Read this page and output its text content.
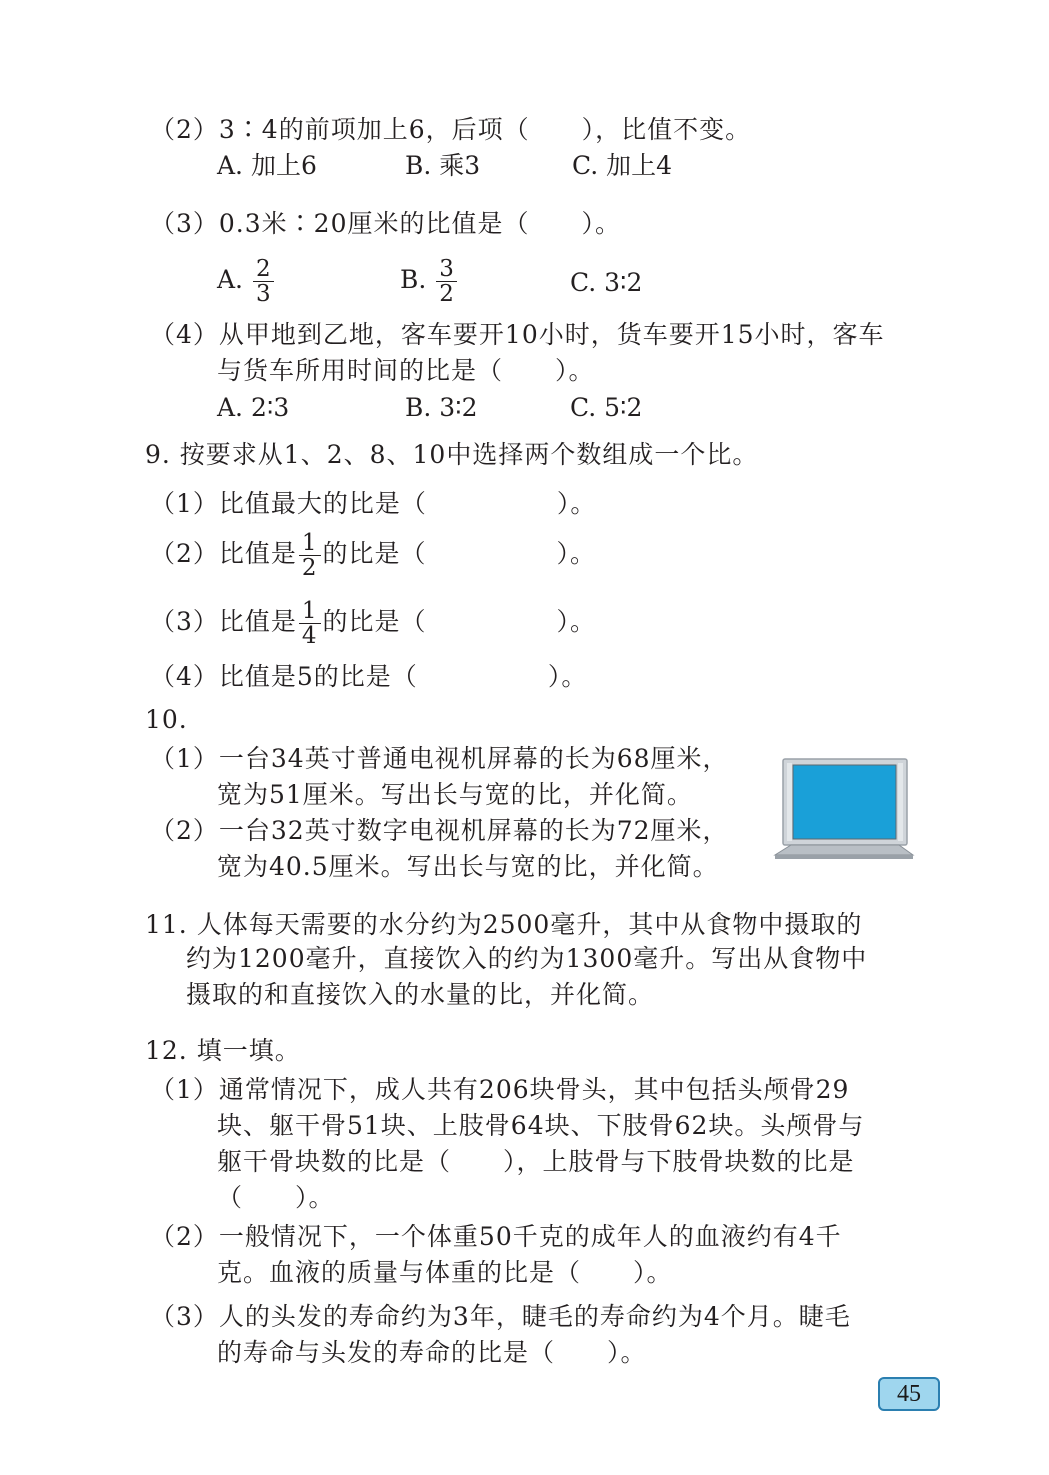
（2）3∶4的前项加上6，后项（　　），比值不变。
A. 加上6	B. 乘3	C. 加上4
（3）0.3米∶20厘米的比值是（　　）。
A. $\frac{2}{3}$	B. $\frac{3}{2}$	C. 3∶2
（4）从甲地到乙地，客车要开10小时，货车要开15小时，客车
与货车所用时间的比是（　　）。
A. 2∶3	B. 3∶2	C. 5∶2
9. 按要求从1、2、8、10中选择两个数组成一个比。
（1）比值最大的比是（　　　　　）。
（2）比值是 $\frac{1}{2}$ 的比是（　　　　　）。
（3）比值是 $\frac{1}{4}$ 的比是（　　　　　）。
（4）比值是5的比是（　　　　　）。
10.
（1）一台34英寸普通电视机屏幕的长为68厘米，
宽为51厘米。写出长与宽的比，并化简。
（2）一台32英寸数字电视机屏幕的长为72厘米，
宽为40.5厘米。写出长与宽的比，并化简。
11. 人体每天需要的水分约为2500毫升，其中从食物中摄取的
约为1200毫升，直接饮入的约为1300毫升。写出从食物中
摄取的和直接饮入的水量的比，并化简。
12. 填一填。
（1）通常情况下，成人共有206块骨头，其中包括头颅骨29
块、躯干骨51块、上肢骨64块、下肢骨62块。头颅骨与
躯干骨块数的比是（　　），上肢骨与下肢骨块数的比是
（　　）。
（2）一般情况下，一个体重50千克的成年人的血液约有4千
克。血液的质量与体重的比是（　　）。
（3）人的头发的寿命约为3年，睫毛的寿命约为4个月。睫毛
的寿命与头发的寿命的比是（　　）。
45
